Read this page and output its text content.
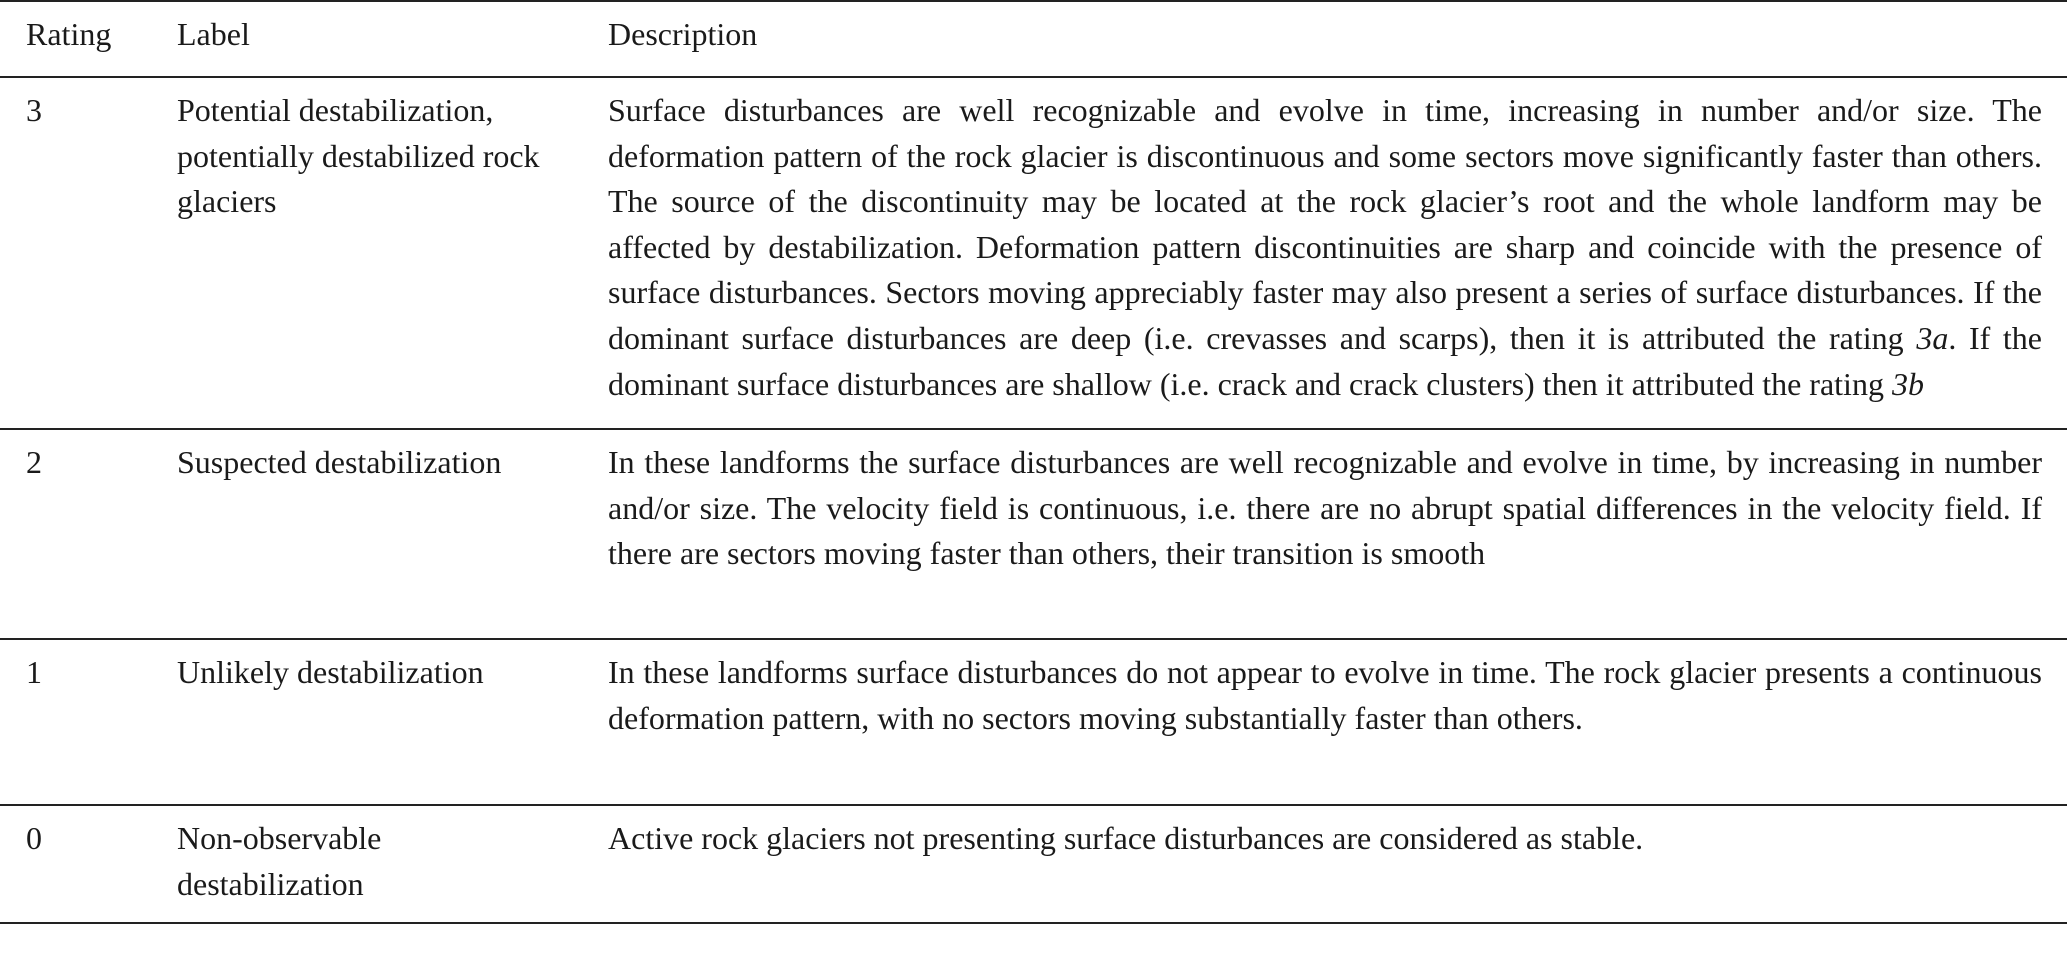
Rating	Label	Description
3	Potential destabilization, potentially destabilized rock glaciers	Surface disturbances are well recognizable and evolve in time, increasing in number and/or size. The deformation pattern of the rock glacier is discontinuous and some sectors move significantly faster than others. The source of the discontinuity may be located at the rock glacier’s root and the whole landform may be affected by destabilization. Deformation pattern discontinuities are sharp and coincide with the presence of surface disturbances. Sectors moving appreciably faster may also present a series of surface disturbances. If the dominant surface disturbances are deep (i.e. crevasses and scarps), then it is attributed the rating 3a. If the dominant surface disturbances are shallow (i.e. crack and crack clusters) then it attributed the rating 3b
2	Suspected destabilization	In these landforms the surface disturbances are well recognizable and evolve in time, by increasing in number and/or size. The velocity field is continuous, i.e. there are no abrupt spatial differences in the velocity field. If there are sectors moving faster than others, their transition is smooth
1	Unlikely destabilization	In these landforms surface disturbances do not appear to evolve in time. The rock glacier presents a continuous deformation pattern, with no sectors moving substantially faster than others.
0	Non-observable destabilization	Active rock glaciers not presenting surface disturbances are considered as stable.
